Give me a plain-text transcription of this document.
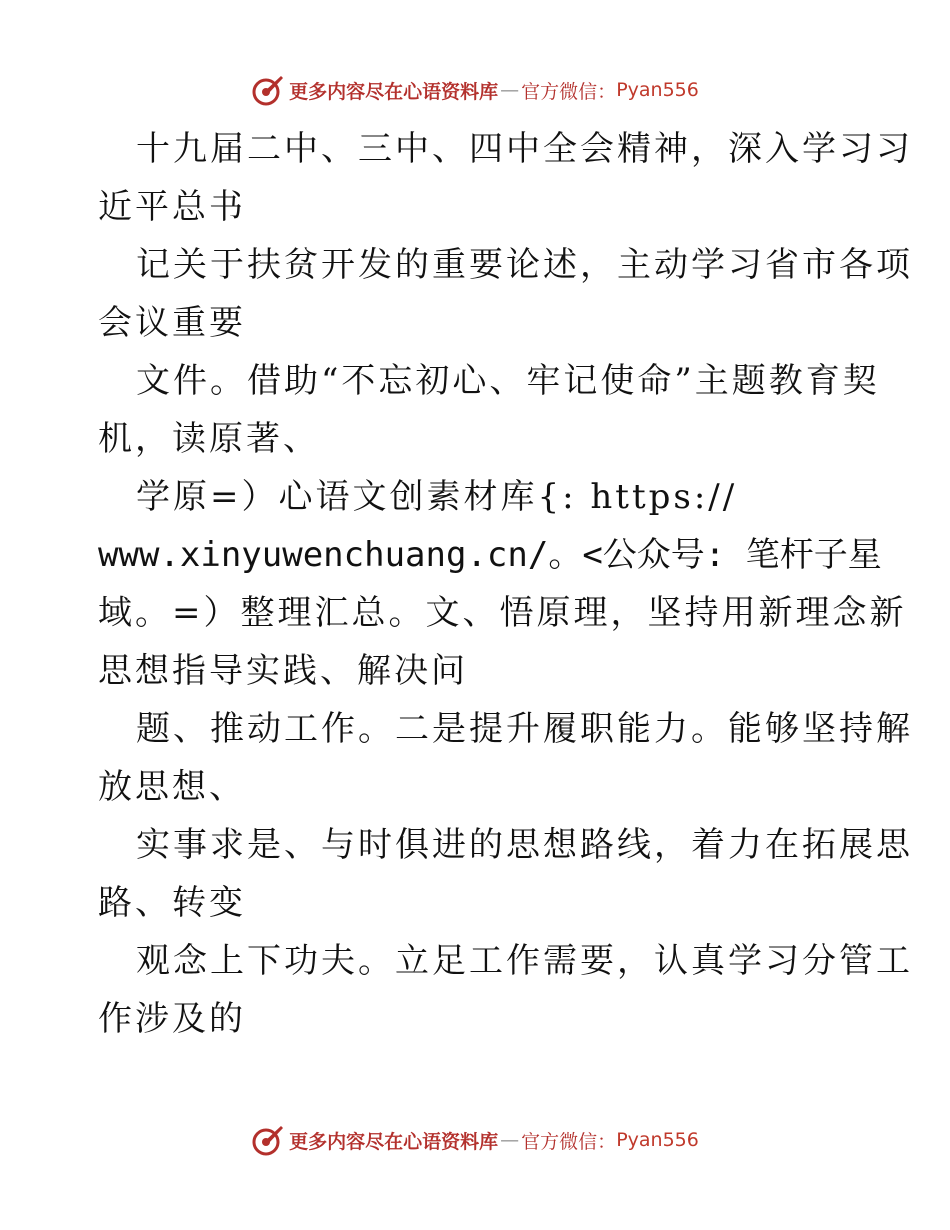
更多内容尽在心语资料库 — 官方微信： Pyan556
十九届二中、三中、四中全会精神，深入学习习
近平总书
记关于扶贫开发的重要论述，主动学习省市各项
会议重要
文件。借助“不忘初心、牢记使命”主题教育契
机，读原著、
学原=）心语文创素材库{: https://
www.xinyuwenchuang.cn/。<公众号: 笔杆子星
域。=）整理汇总。文、悟原理，坚持用新理念新
思想指导实践、解决问
题、推动工作。二是提升履职能力。能够坚持解
放思想、
实事求是、与时俱进的思想路线，着力在拓展思
路、转变
观念上下功夫。立足工作需要，认真学习分管工
作涉及的
更多内容尽在心语资料库 — 官方微信： Pyan556
